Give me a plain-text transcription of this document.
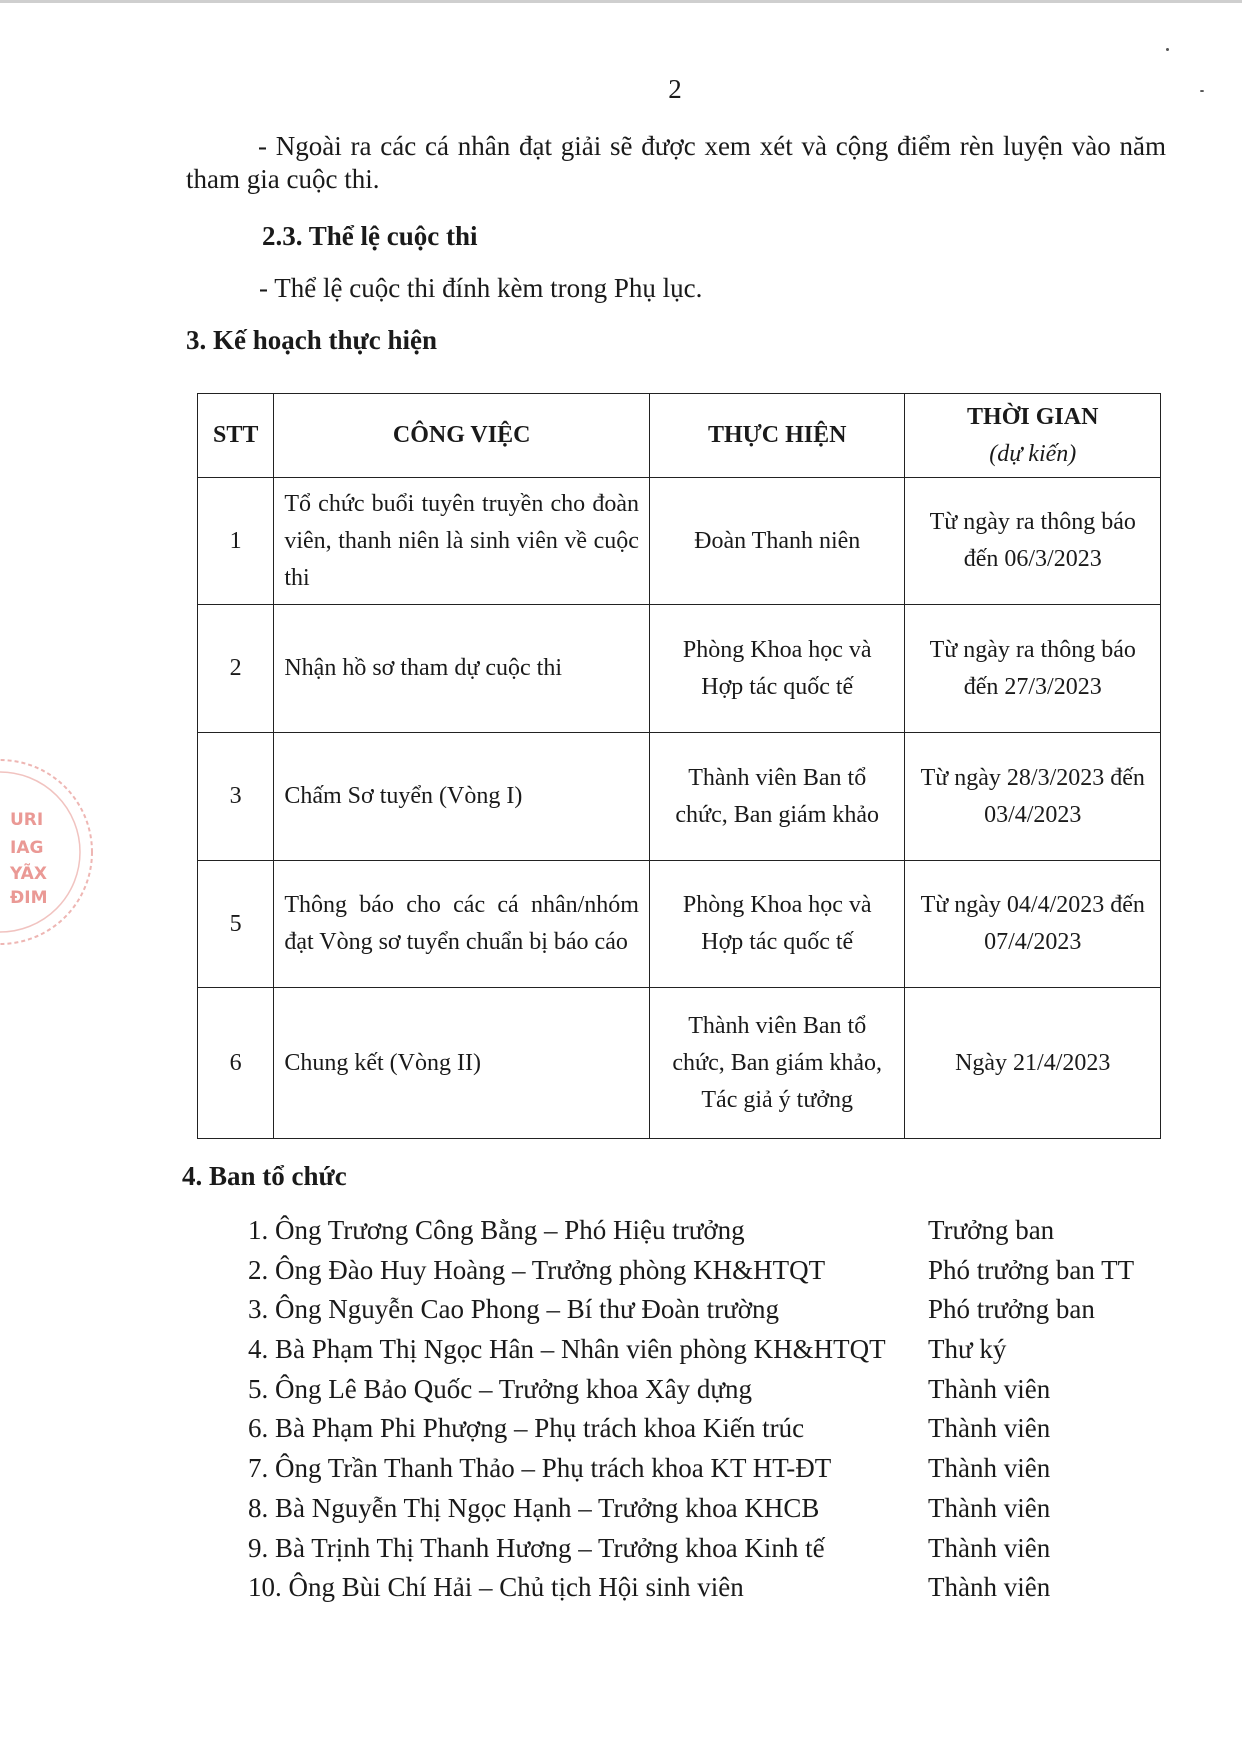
URI
IAG
YÃX
ĐIM
2
- Ngoài ra các cá nhân đạt giải sẽ được xem xét và cộng điểm rèn luyện vào năm tham gia cuộc thi.
2.3. Thể lệ cuộc thi
- Thể lệ cuộc thi đính kèm trong Phụ lục.
3. Kế hoạch thực hiện
STT	CÔNG VIỆC	THỰC HIỆN	THỜI GIAN
(dự kiến)

1	Tổ chức buổi tuyên truyền cho đoàn viên, thanh niên là sinh viên về cuộc thi	Đoàn Thanh niên	Từ ngày ra thông báo đến 06/3/2023
2	Nhận hồ sơ tham dự cuộc thi	Phòng Khoa học và Hợp tác quốc tế	Từ ngày ra thông báo đến 27/3/2023
3	Chấm Sơ tuyển (Vòng I)	Thành viên Ban tổ chức, Ban giám khảo	Từ ngày 28/3/2023 đến 03/4/2023
5	Thông báo cho các cá nhân/nhóm đạt Vòng sơ tuyển chuẩn bị báo cáo	Phòng Khoa học và Hợp tác quốc tế	Từ ngày 04/4/2023 đến 07/4/2023
6	Chung kết (Vòng II)	Thành viên Ban tổ chức, Ban giám khảo, Tác giả ý tưởng	Ngày 21/4/2023
4. Ban tổ chức
1. Ông Trương Công Bằng – Phó Hiệu trưởng	Trưởng ban
2. Ông Đào Huy Hoàng – Trưởng phòng KH&HTQT	Phó trưởng ban TT
3. Ông Nguyễn Cao Phong – Bí thư Đoàn trường	Phó trưởng ban
4. Bà Phạm Thị Ngọc Hân – Nhân viên phòng KH&HTQT	Thư ký
5. Ông Lê Bảo Quốc – Trưởng khoa Xây dựng	Thành viên
6. Bà Phạm Phi Phượng – Phụ trách khoa Kiến trúc	Thành viên
7. Ông Trần Thanh Thảo – Phụ trách khoa KT HT-ĐT	Thành viên
8. Bà Nguyễn Thị Ngọc Hạnh – Trưởng khoa KHCB	Thành viên
9. Bà Trịnh Thị Thanh Hương – Trưởng khoa Kinh tế	Thành viên
10. Ông Bùi Chí Hải – Chủ tịch Hội sinh viên	Thành viên
